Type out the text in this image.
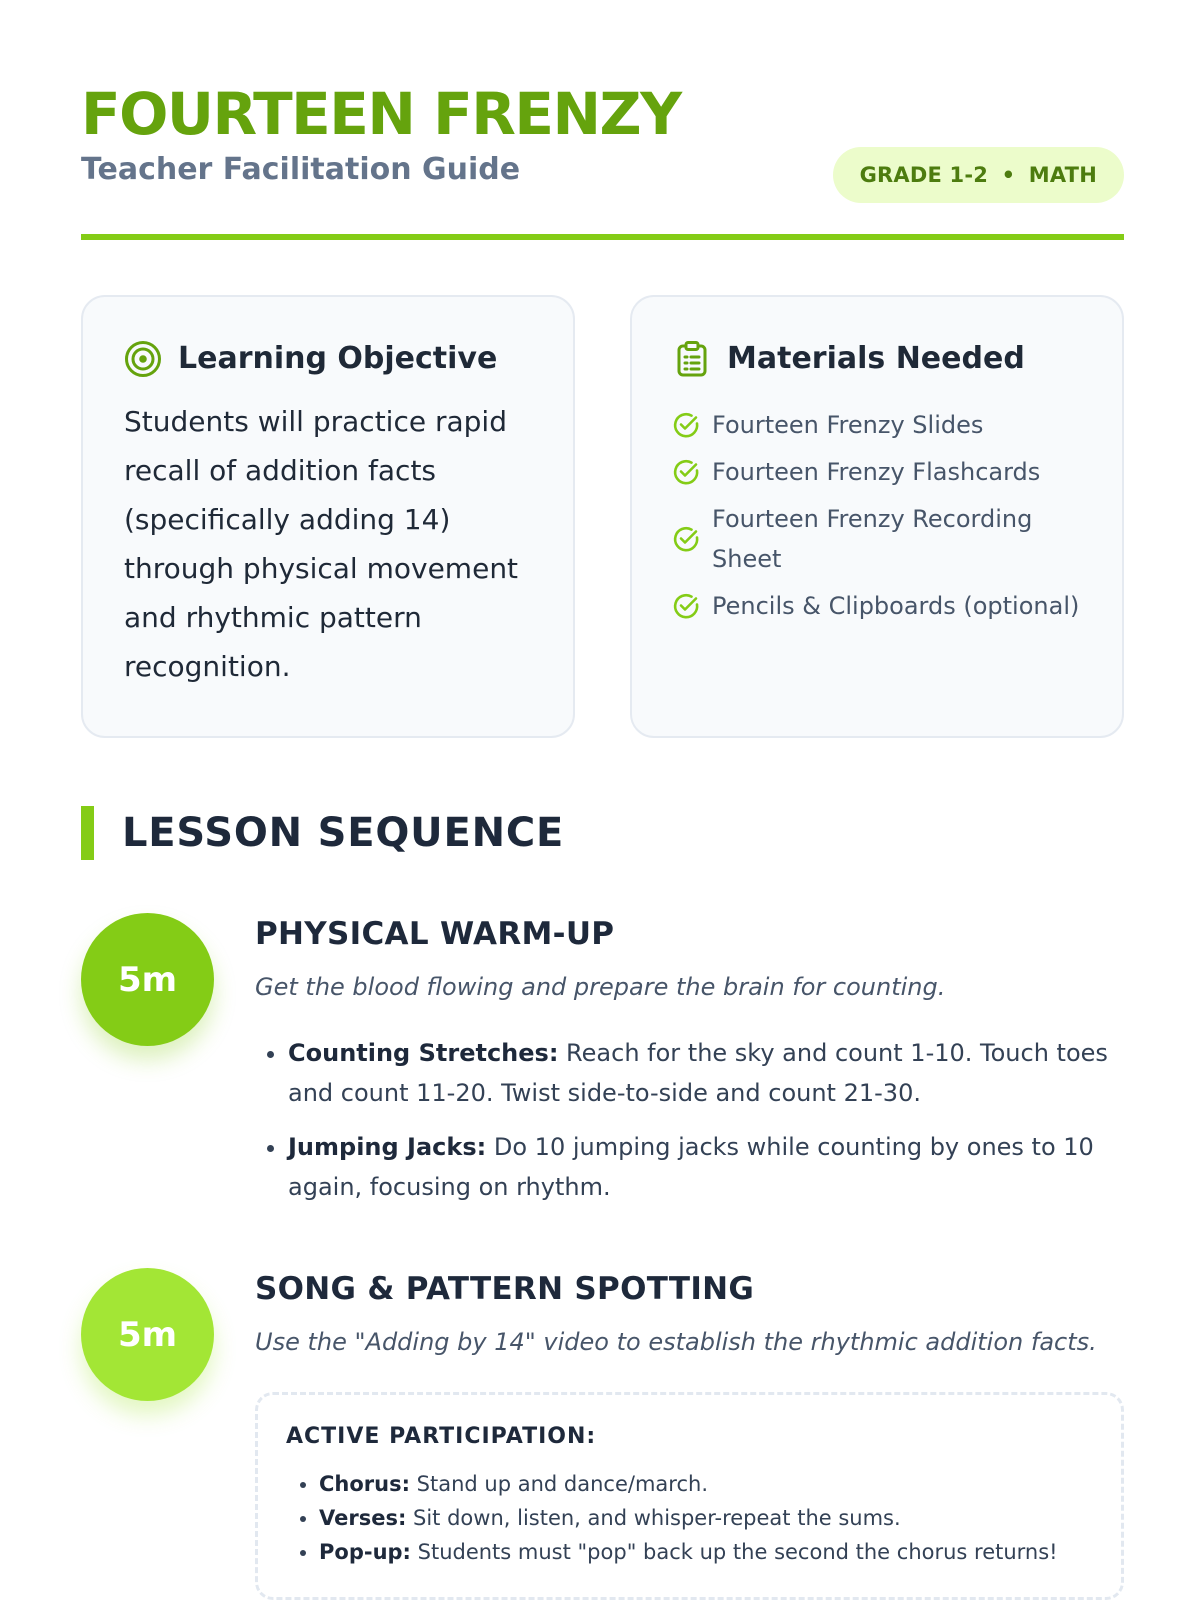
FOURTEEN FRENZY
Teacher Facilitation Guide	GRADE 1-2 • MATH
Learning Objective

Students will practice rapid recall of addition facts (specifically adding 14) through physical movement and rhythmic pattern recognition.

Materials Needed
Fourteen Frenzy Slides
Fourteen Frenzy Flashcards
Fourteen Frenzy Recording Sheet
Pencils & Clipboards (optional)
LESSON SEQUENCE
5m
PHYSICAL WARM-UP

Get the blood flowing and prepare the brain for counting.

• Counting Stretches: Reach for the sky and count 1-10. Touch toes and count 11-20. Twist side-to-side and count 21-30.
• Jumping Jacks: Do 10 jumping jacks while counting by ones to 10 again, focusing on rhythm.
5m
SONG & PATTERN SPOTTING

Use the "Adding by 14" video to establish the rhythmic addition facts.

ACTIVE PARTICIPATION:
• Chorus: Stand up and dance/march.
• Verses: Sit down, listen, and whisper-repeat the sums.
• Pop-up: Students must "pop" back up the second the chorus returns!
